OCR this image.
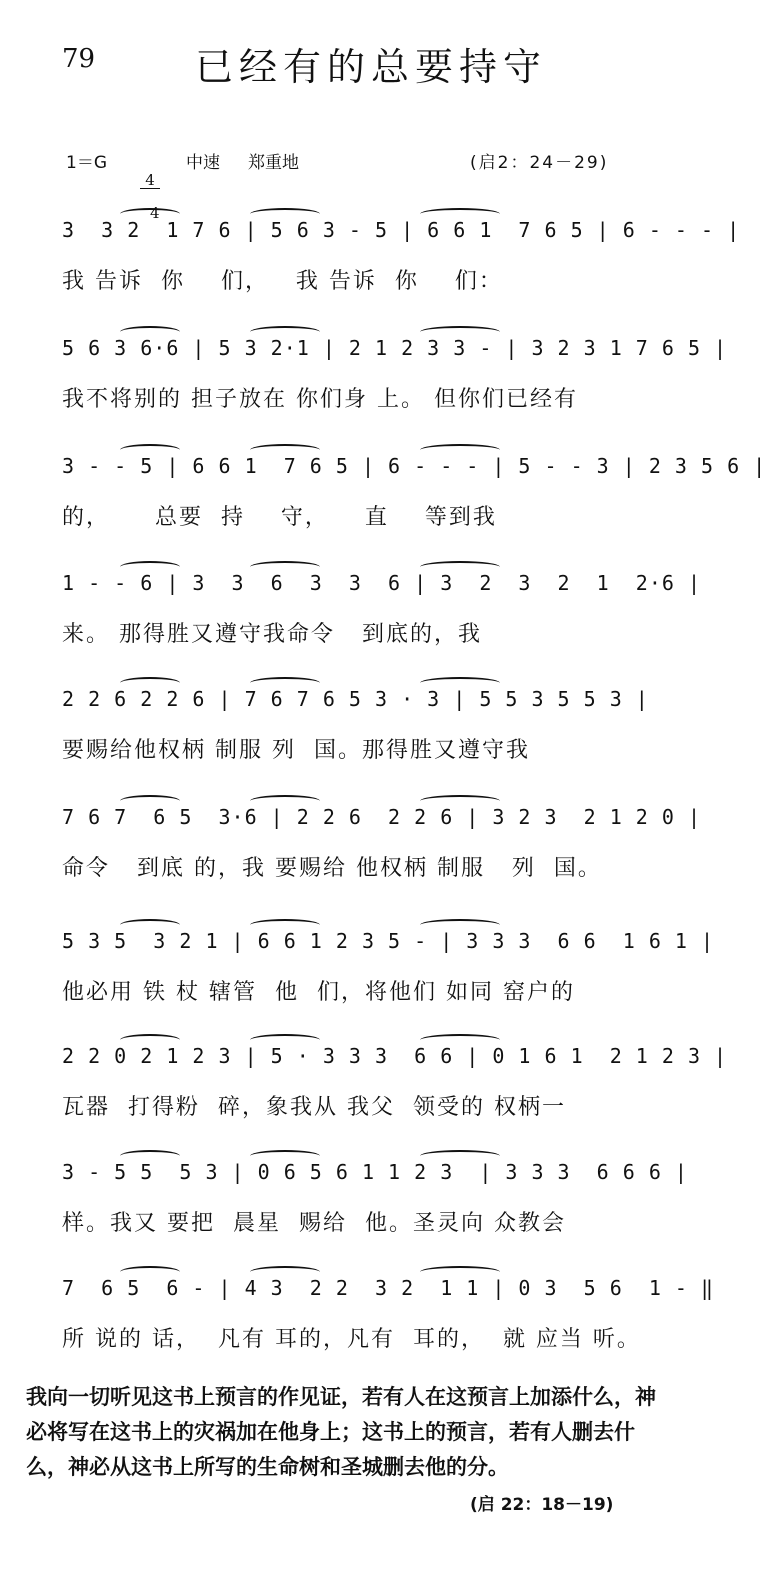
79	已经有的总要持守
1＝G

4

4

中速 郑重地	(启2：24－29)
3  3 2  1 7 6 | 5 6 3 - 5 | 6 6 1  7 6 5 | 6 - - - |
我 告诉  你    们，   我 告诉  你    们：
5 6 3 6·6 | 5 3 2·1 | 2 1 2 3 3 - | 3 2 3 1 7 6 5 |
我不将别的 担子放在 你们身 上。 但你们已经有
3 - - 5 | 6 6 1  7 6 5 | 6 - - - | 5 - - 3 | 2 3 5 6 |
的，     总要  持    守，    直    等到我
1 - - 6 | 3  3  6  3  3  6 | 3  2  3  2  1  2·6 |
来。 那得胜又遵守我命令   到底的，我
2 2 6 2 2 6 | 7 6 7 6 5 3 · 3 | 5 5 3 5 5 3 |
要赐给他权柄 制服 列  国。那得胜又遵守我
7 6 7  6 5  3·6 | 2 2 6  2 2 6 | 3 2 3  2 1 2 0 |
命令   到底 的，我 要赐给 他权柄 制服   列  国。
5 3 5  3 2 1 | 6 6 1 2 3 5 - | 3 3 3  6 6  1 6 1 |
他必用 铁 杖 辖管  他  们，将他们 如同 窑户的
2 2 0 2 1 2 3 | 5 · 3 3 3  6 6 | 0 1 6 1  2 1 2 3 |
瓦器  打得粉  碎，象我从 我父  领受的 权柄一
3 - 5 5  5 3 | 0 6 5 6 1 1 2 3  | 3 3 3  6 6 6 |
样。我又 要把  晨星  赐给  他。圣灵向 众教会
7  6 5  6 - | 4 3  2 2  3 2  1 1 | 0 3  5 6  1 - ‖
所 说的 话，  凡有 耳的，凡有  耳的，  就 应当 听。
我向一切听见这书上预言的作见证，若有人在这预言上加添什么，神必将写在这书上的灾祸加在他身上；这书上的预言，若有人删去什么，神必从这书上所写的生命树和圣城删去他的分。
(启 22：18－19)
